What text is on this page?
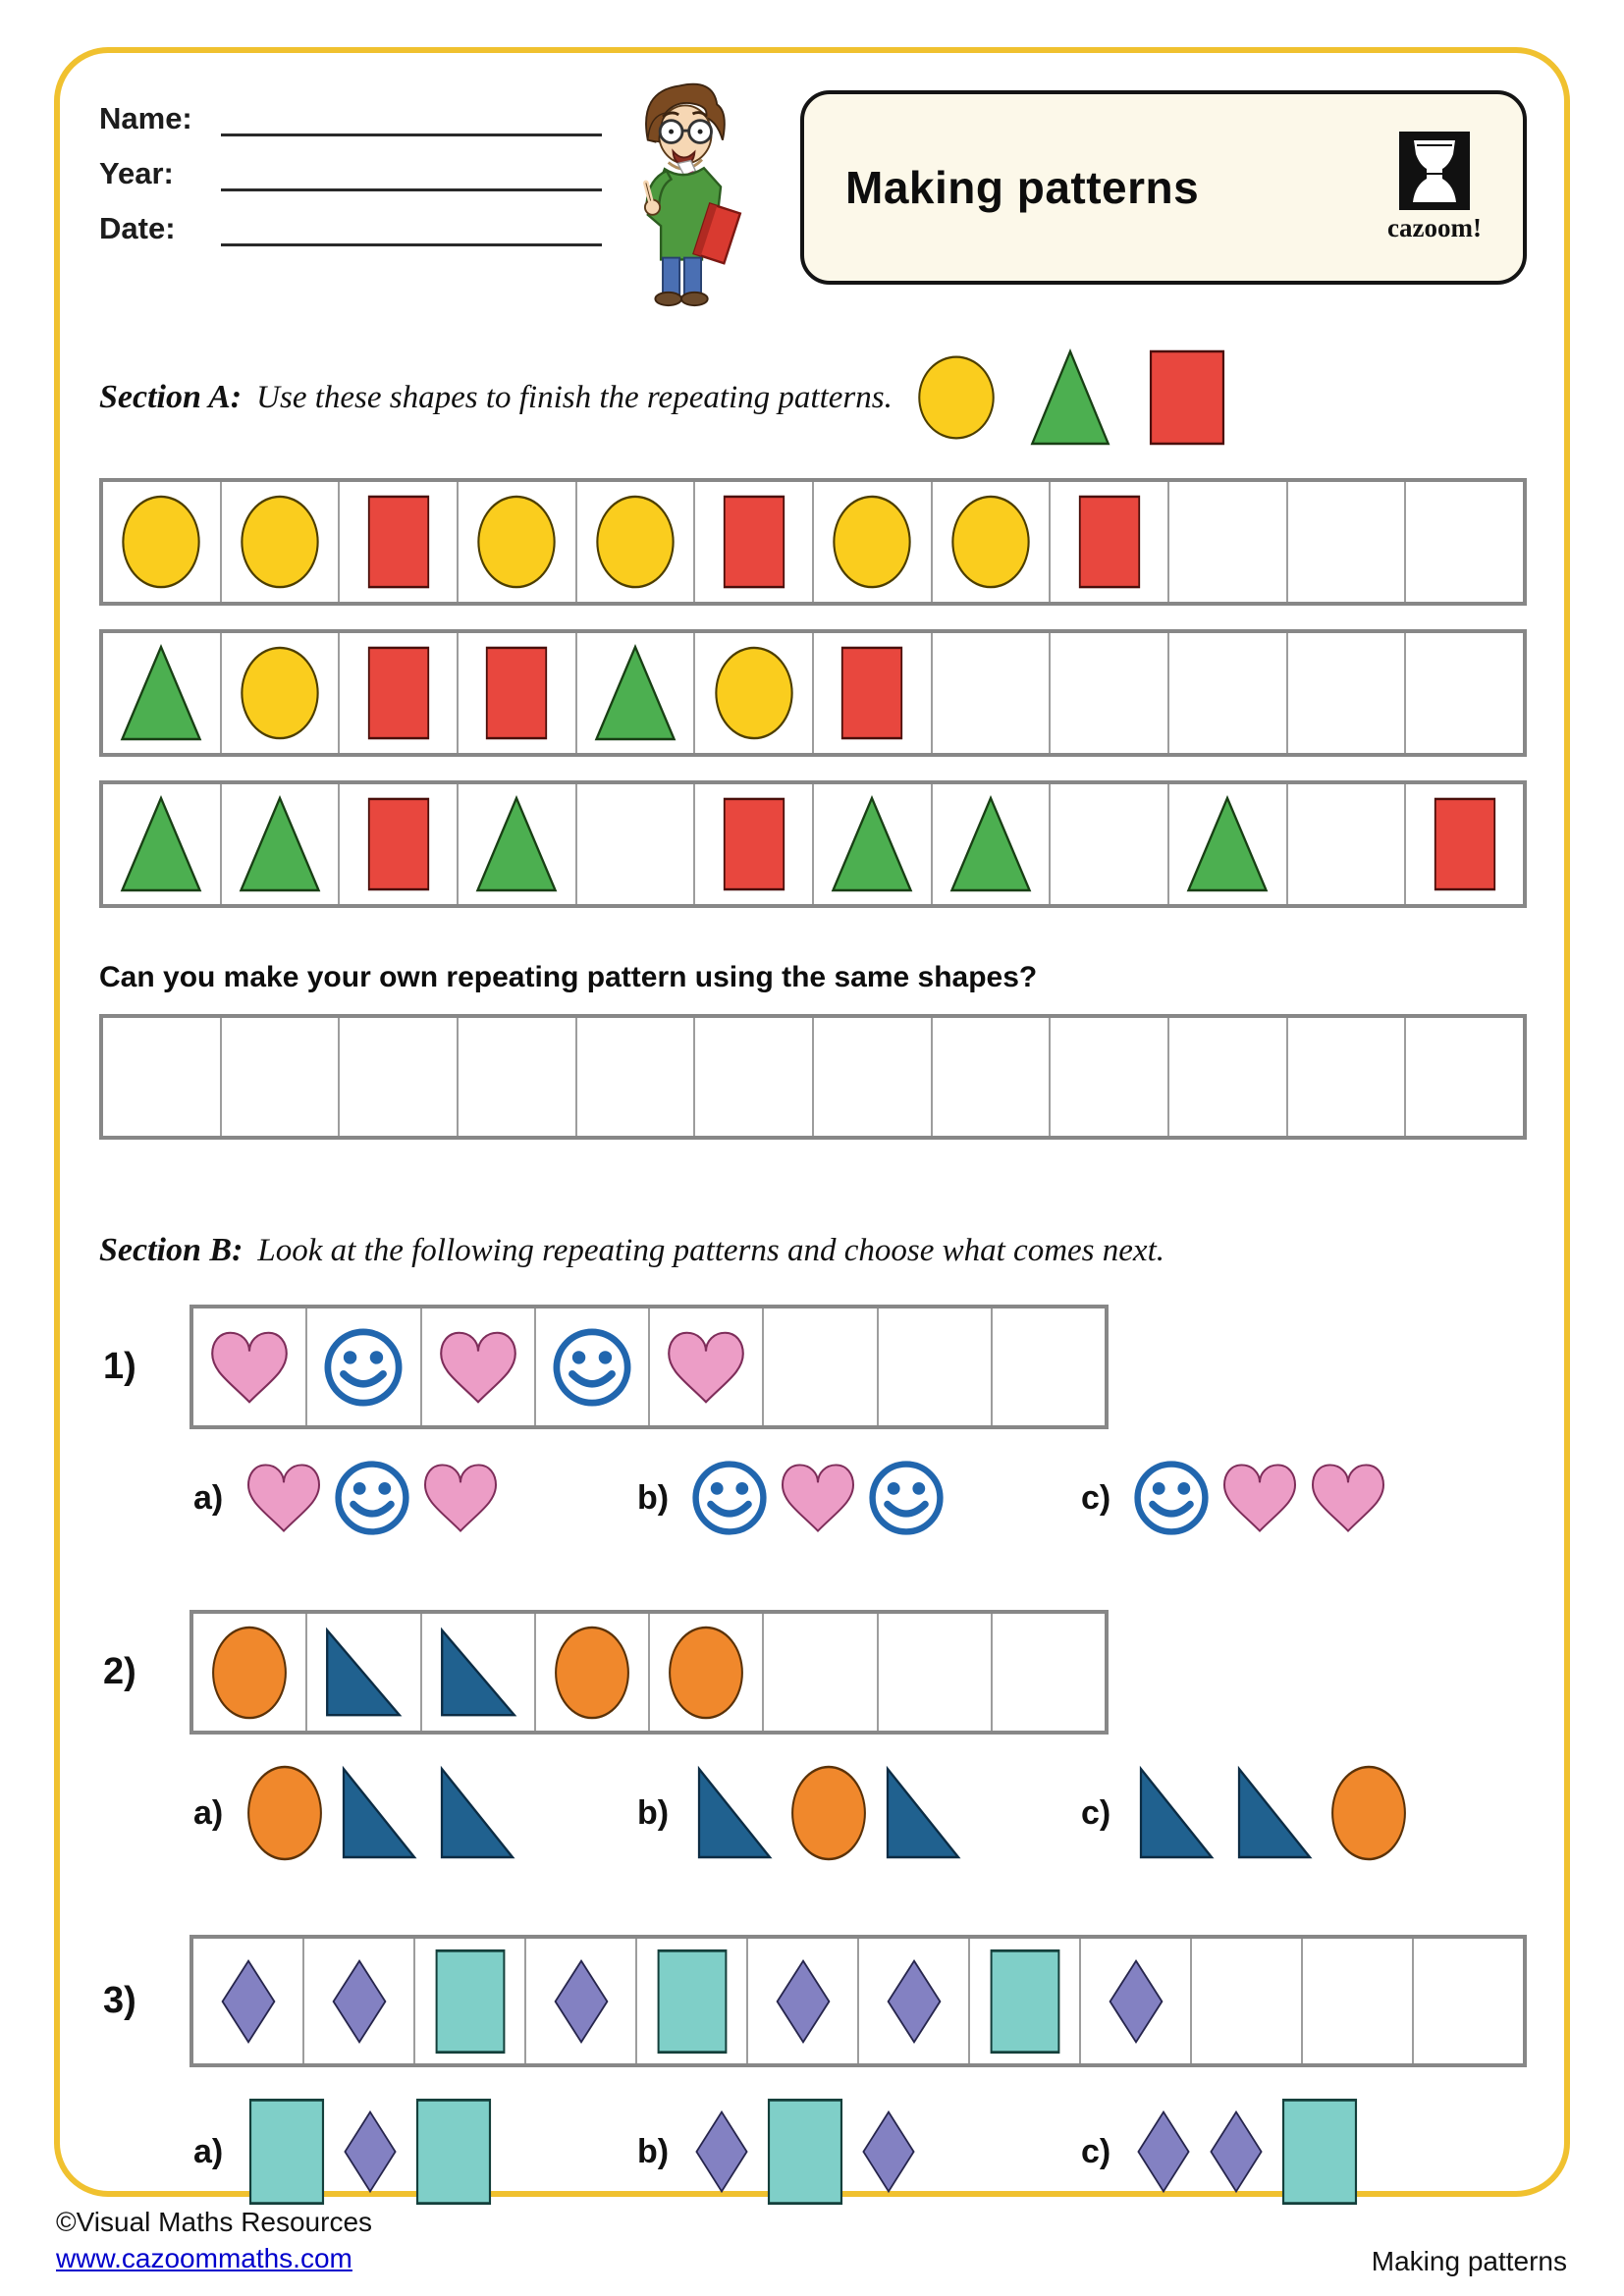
Name:
Year:
Date:
Making patterns
cazoom!
Section A: Use these shapes to finish the repeating patterns.

Can you make your own repeating pattern using the same shapes?

Section B: Look at the following repeating patterns and choose what comes next.
1)
a)	b)	c)
2)
a)	b)	c)
3)
a)	b)	c)
©Visual Maths Resources
www.cazoommaths.com	Making patterns
